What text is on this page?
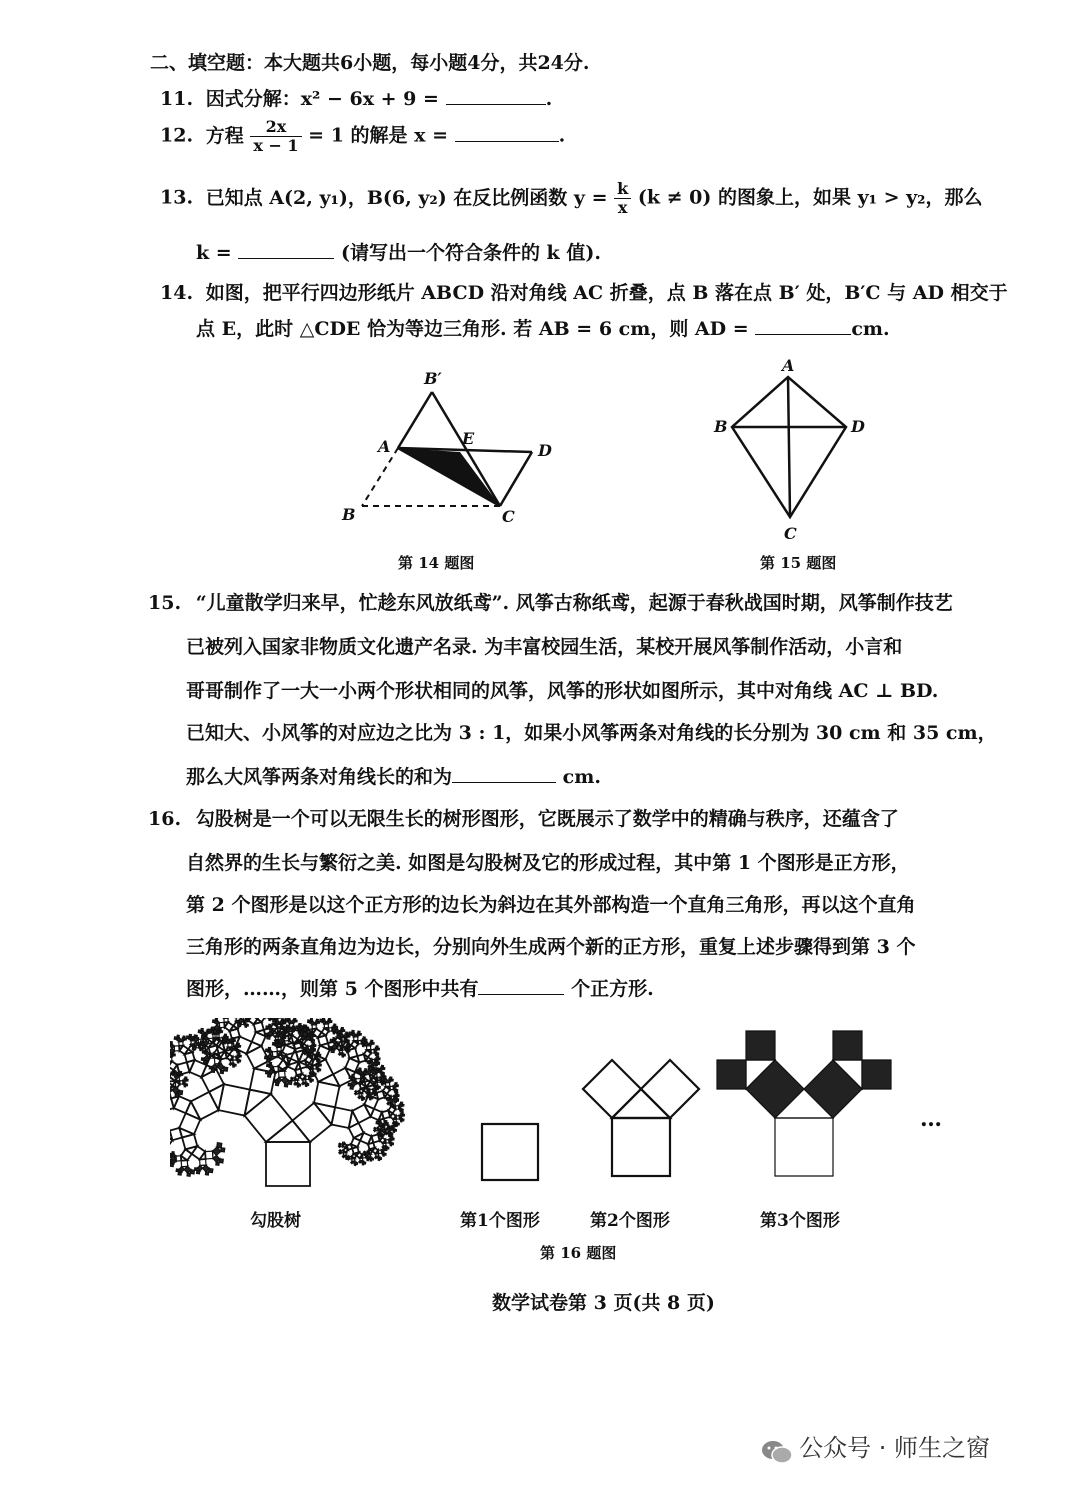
二、填空题：本大题共6小题，每小题4分，共24分.
11. 因式分解：x² − 6x + 9 =	.
12. 方程 $\frac{2x}{x - 1} = 1$ 的解是 x =	.
13. 已知点 A(2, y₁)，B(6, y₂) 在反比例函数 $y = \frac{k}{x} (k \ne 0)$ 的图象上，如果 y₁ > y₂，那么
k =	(请写出一个符合条件的 k 值).
14. 如图，把平行四边形纸片 ABCD 沿对角线 AC 折叠，点 B 落在点 B′ 处，B′C 与 AD 相交于
点 E，此时 △CDE 恰为等边三角形. 若 AB = 6 cm，则 AD =	cm.
B′
A	E
D
B	C
第 14 题图
A
B	D
C
第 15 题图
15. “儿童散学归来早，忙趁东风放纸鸢”. 风筝古称纸鸢，起源于春秋战国时期，风筝制作技艺
已被列入国家非物质文化遗产名录. 为丰富校园生活，某校开展风筝制作活动，小言和
哥哥制作了一大一小两个形状相同的风筝，风筝的形状如图所示，其中对角线 AC ⊥ BD.
已知大、小风筝的对应边之比为 3 : 1，如果小风筝两条对角线的长分别为 30 cm 和 35 cm，
那么大风筝两条对角线长的和为	cm.
16. 勾股树是一个可以无限生长的树形图形，它既展示了数学中的精确与秩序，还蕴含了
自然界的生长与繁衍之美. 如图是勾股树及它的形成过程，其中第 1 个图形是正方形，
第 2 个图形是以这个正方形的边长为斜边在其外部构造一个直角三角形，再以这个直角
三角形的两条直角边为边长，分别向外生成两个新的正方形，重复上述步骤得到第 3 个
图形，……，则第 5 个图形中共有	个正方形.
…
勾股树	第1个图形	第2个图形	第3个图形
第 16 题图
数学试卷第 3 页(共 8 页)
公众号 · 师生之窗
